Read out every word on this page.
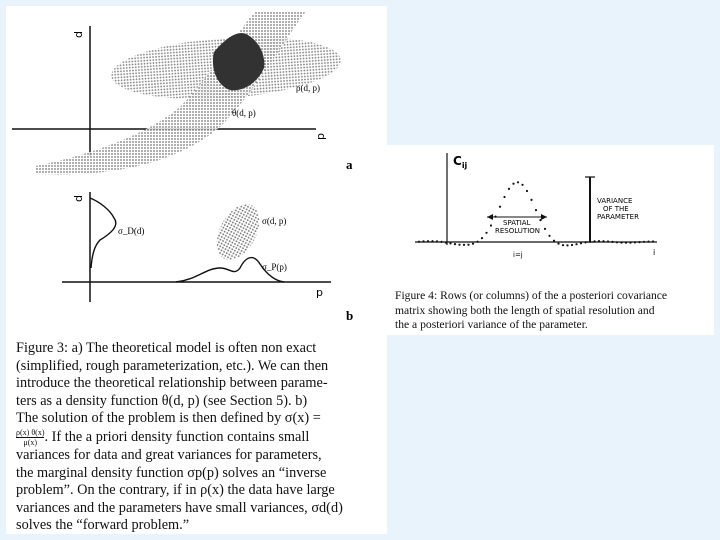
d
p
ρ(d, p)
θ(d, p)
a
d
p
σ_D(d)
σ(d, p)
σ_P(p)
b
Figure 3: a) The theoretical model is often non exact
(simplified, rough parameterization, etc.). We can then
introduce the theoretical relationship between parame-
ters as a density function θ(d, p) (see Section 5). b)
The solution of the problem is then defined by σ(x) =
$\frac{\rho(x) \theta(x)}{\mu(x)}$ . If the a priori density function contains small
variances for data and great variances for parameters,
the marginal density function σp(p) solves an “inverse
problem”. On the contrary, if in ρ(x) the data have large
variances and the parameters have small variances, σd(d)
solves the “forward problem.”
$C_{ij}$
VARIANCE
OF THE
PARAMETER
SPATIAL
RESOLUTION
i=j	i
Figure 4: Rows (or columns) of the a posteriori covariance
matrix showing both the length of spatial resolution and
the a posteriori variance of the parameter.
